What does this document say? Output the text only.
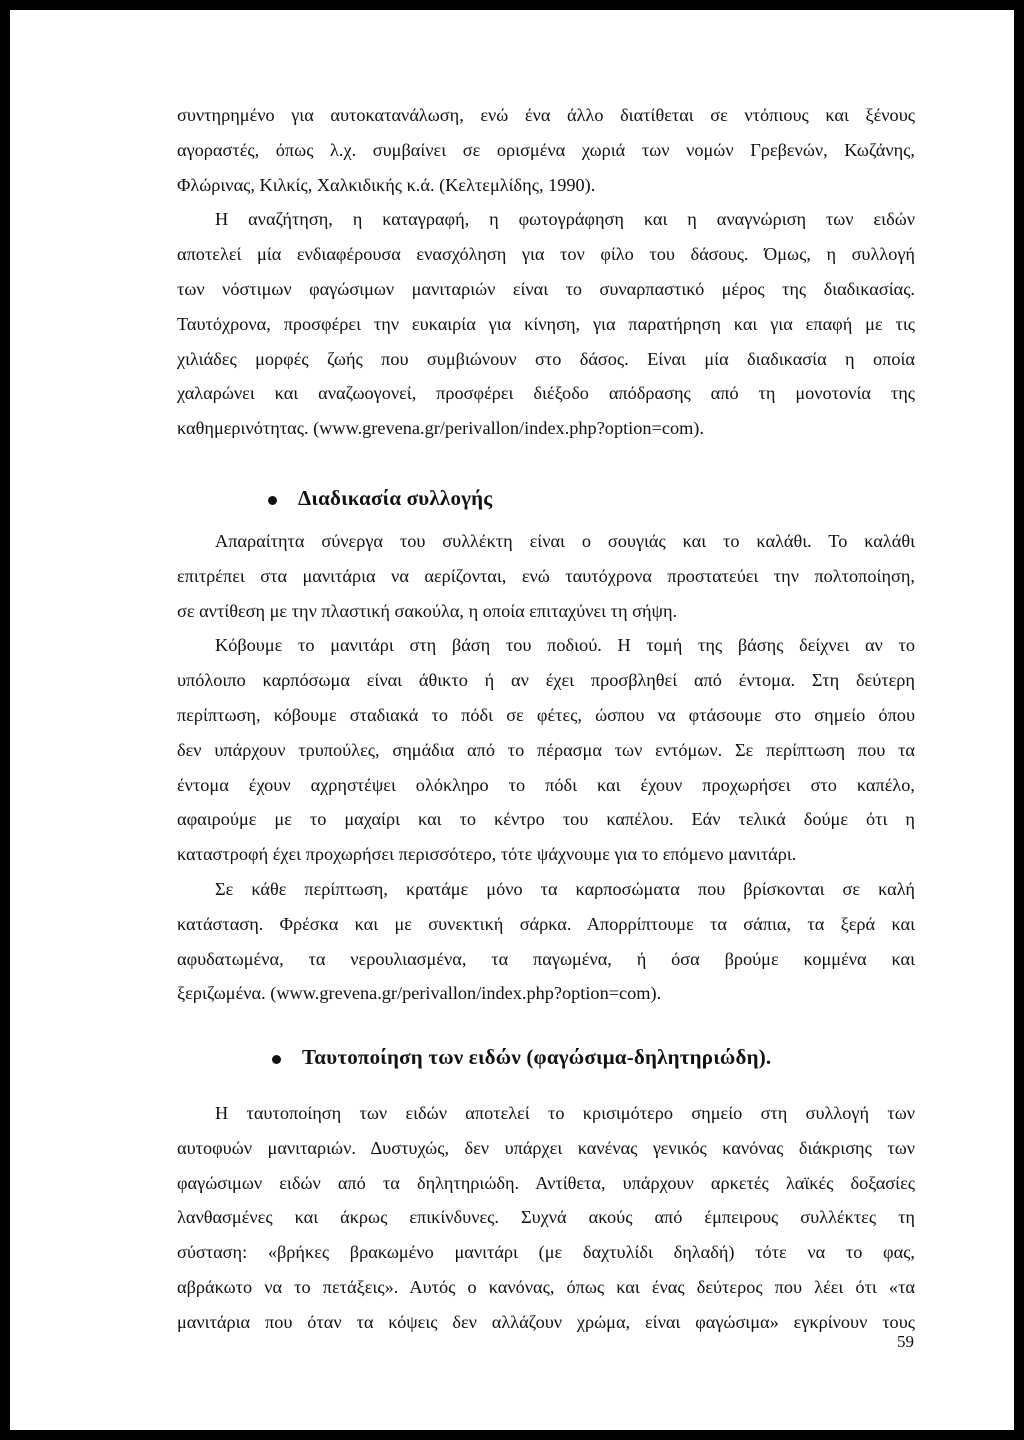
συντηρημένο για αυτοκατανάλωση, ενώ ένα άλλο διατίθεται σε ντόπιους και ξένους
αγοραστές, όπως λ.χ. συμβαίνει σε ορισμένα χωριά των νομών Γρεβενών, Κωζάνης,
Φλώρινας, Κιλκίς, Χαλκιδικής κ.ά. (Κελτεμλίδης, 1990).
Η αναζήτηση, η καταγραφή, η φωτογράφηση και η αναγνώριση των ειδών
αποτελεί μία ενδιαφέρουσα ενασχόληση για τον φίλο του δάσους. Όμως, η συλλογή
των νόστιμων φαγώσιμων μανιταριών είναι το συναρπαστικό μέρος της διαδικασίας.
Ταυτόχρονα, προσφέρει την ευκαιρία για κίνηση, για παρατήρηση και για επαφή με τις
χιλιάδες μορφές ζωής που συμβιώνουν στο δάσος. Είναι μία διαδικασία η οποία
χαλαρώνει και αναζωογονεί, προσφέρει διέξοδο απόδρασης από τη μονοτονία της
καθημερινότητας. (www.grevena.gr/perivallon/index.php?option=com).
Διαδικασία συλλογής
Απαραίτητα σύνεργα του συλλέκτη είναι ο σουγιάς και το καλάθι. Το καλάθι
επιτρέπει στα μανιτάρια να αερίζονται, ενώ ταυτόχρονα προστατεύει την πολτοποίηση,
σε αντίθεση με την πλαστική σακούλα, η οποία επιταχύνει τη σήψη.
Κόβουμε το μανιτάρι στη βάση του ποδιού. Η τομή της βάσης δείχνει αν το
υπόλοιπο καρπόσωμα είναι άθικτο ή αν έχει προσβληθεί από έντομα. Στη δεύτερη
περίπτωση, κόβουμε σταδιακά το πόδι σε φέτες, ώσπου να φτάσουμε στο σημείο όπου
δεν υπάρχουν τρυπούλες, σημάδια από το πέρασμα των εντόμων. Σε περίπτωση που τα
έντομα έχουν αχρηστέψει ολόκληρο το πόδι και έχουν προχωρήσει στο καπέλο,
αφαιρούμε με το μαχαίρι και το κέντρο του καπέλου. Εάν τελικά δούμε ότι η
καταστροφή έχει προχωρήσει περισσότερο, τότε ψάχνουμε για το επόμενο μανιτάρι.
Σε κάθε περίπτωση, κρατάμε μόνο τα καρποσώματα που βρίσκονται σε καλή
κατάσταση. Φρέσκα και με συνεκτική σάρκα. Απορρίπτουμε τα σάπια, τα ξερά και
αφυδατωμένα, τα νερουλιασμένα, τα παγωμένα, ή όσα βρούμε κομμένα και
ξεριζωμένα. (www.grevena.gr/perivallon/index.php?option=com).
Ταυτοποίηση των ειδών (φαγώσιμα-δηλητηριώδη).
Η ταυτοποίηση των ειδών αποτελεί το κρισιμότερο σημείο στη συλλογή των
αυτοφυών μανιταριών. Δυστυχώς, δεν υπάρχει κανένας γενικός κανόνας διάκρισης των
φαγώσιμων ειδών από τα δηλητηριώδη. Αντίθετα, υπάρχουν αρκετές λαϊκές δοξασίες
λανθασμένες και άκρως επικίνδυνες. Συχνά ακούς από έμπειρους συλλέκτες τη
σύσταση: «βρήκες βρακωμένο μανιτάρι (με δαχτυλίδι δηλαδή) τότε να το φας,
αβράκωτο να το πετάξεις». Αυτός ο κανόνας, όπως και ένας δεύτερος που λέει ότι «τα
μανιτάρια που όταν τα κόψεις δεν αλλάζουν χρώμα, είναι φαγώσιμα» εγκρίνουν τους
59
